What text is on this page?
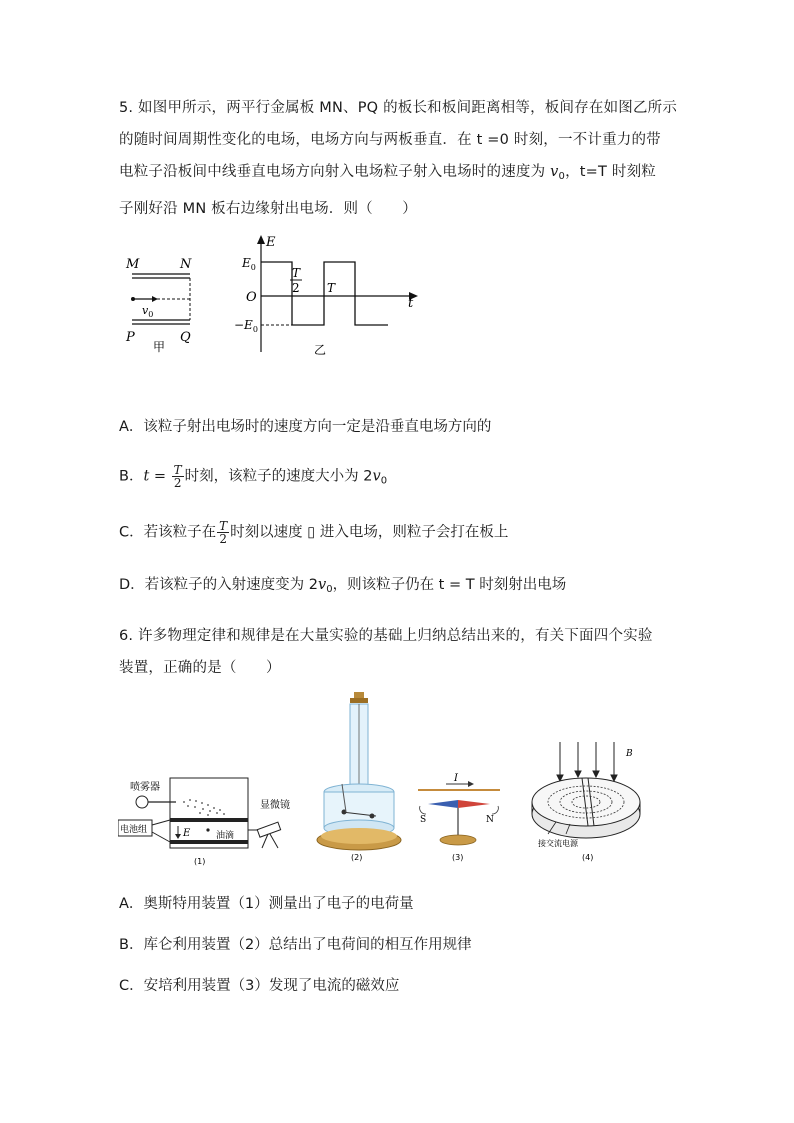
5. 如图甲所示，两平行金属板 MN、PQ 的板长和板间距离相等，板间存在如图乙所示
的随时间周期性变化的电场，电场方向与两板垂直．在 t =0 时刻，一不计重力的带
电粒子沿板间中线垂直电场方向射入电场粒子射入电场时的速度为 $v_0$，t=T 时刻粒
子刚好沿 MN 板右边缘射出电场．则（　　）
M	N
$v_0$
P	Q
甲
E
t
O
$E_0$
$-E_0$
T
2 T
乙
A．该粒子射出电场时的速度方向一定是沿垂直电场方向的
B．$t = \frac{T}{2}$ 时刻，该粒子的速度大小为 $2v_0$
C．若该粒子在 $\frac{T}{2}$ 时刻以速度 ▯ 进入电场，则粒子会打在板上
D．若该粒子的入射速度变为 $2v_0$，则该粒子仍在 t = T 时刻射出电场
6. 许多物理定律和规律是在大量实验的基础上归纳总结出来的，有关下面四个实验
装置，正确的是（　　）
喷雾器
E	油滴
电池组
显微镜
(1)	(2)
I
S	N
(3)
B
接交流电源
(4)
A．奥斯特用装置（1）测量出了电子的电荷量
B．库仑利用装置（2）总结出了电荷间的相互作用规律
C．安培利用装置（3）发现了电流的磁效应
